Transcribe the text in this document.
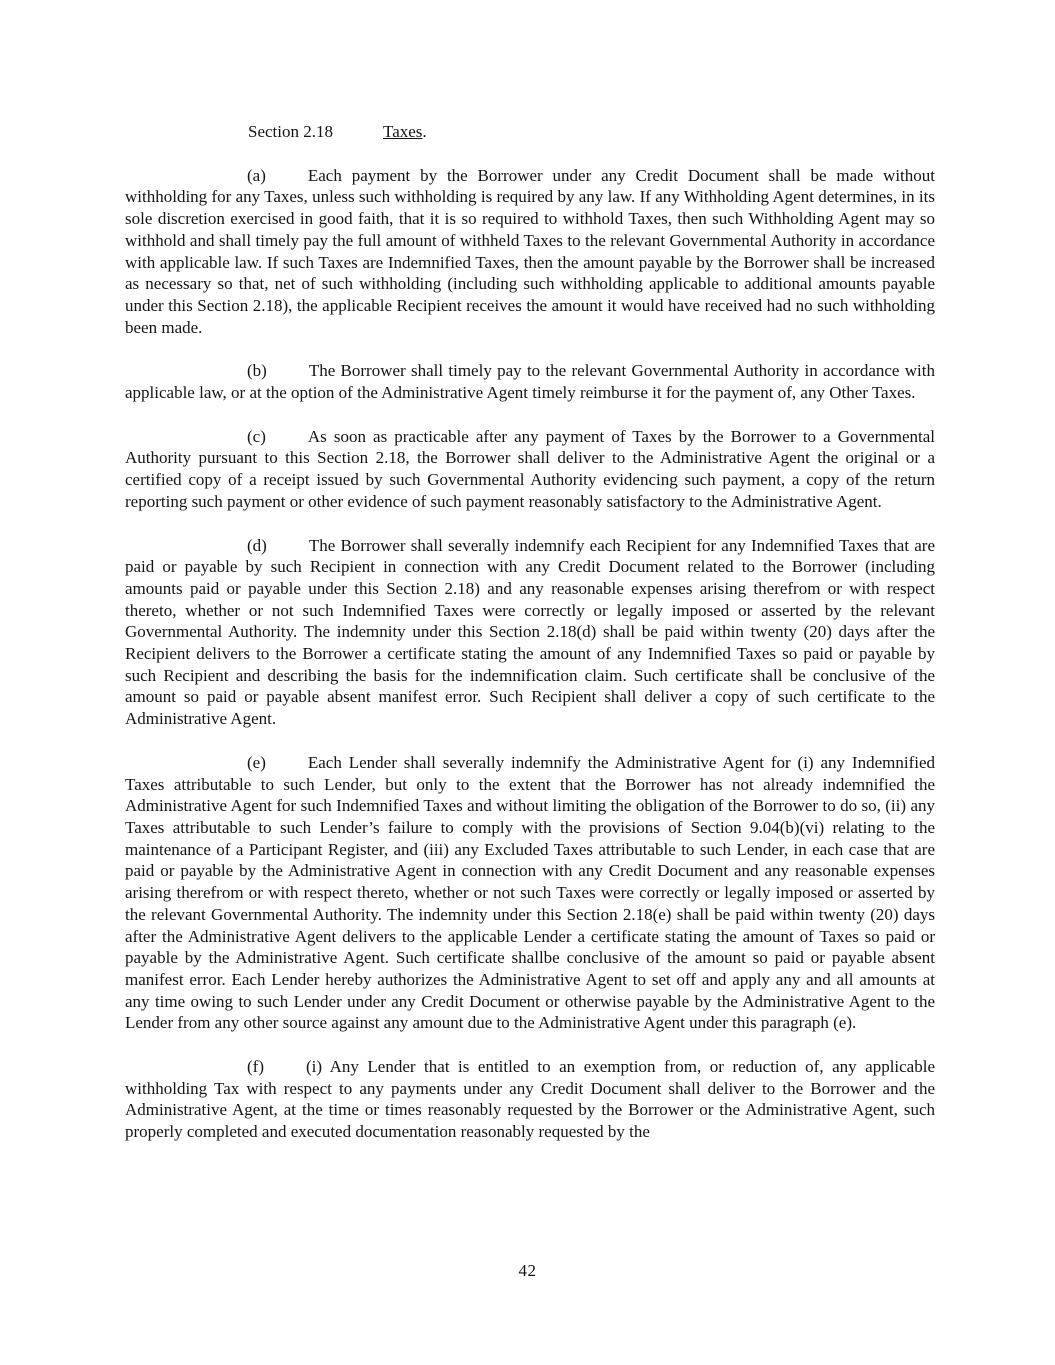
Section 2.18	Taxes.

(a) Each payment by the Borrower under any Credit Document shall be made without withholding for any Taxes, unless such withholding is required by any law. If any Withholding Agent determines, in its sole discretion exercised in good faith, that it is so required to withhold Taxes, then such Withholding Agent may so withhold and shall timely pay the full amount of withheld Taxes to the relevant Governmental Authority in accordance with applicable law. If such Taxes are Indemnified Taxes, then the amount payable by the Borrower shall be increased as necessary so that, net of such withholding (including such withholding applicable to additional amounts payable under this Section 2.18), the applicable Recipient receives the amount it would have received had no such withholding been made.

(b) The Borrower shall timely pay to the relevant Governmental Authority in accordance with applicable law, or at the option of the Administrative Agent timely reimburse it for the payment of, any Other Taxes.

(c) As soon as practicable after any payment of Taxes by the Borrower to a Governmental Authority pursuant to this Section 2.18, the Borrower shall deliver to the Administrative Agent the original or a certified copy of a receipt issued by such Governmental Authority evidencing such payment, a copy of the return reporting such payment or other evidence of such payment reasonably satisfactory to the Administrative Agent.

(d) The Borrower shall severally indemnify each Recipient for any Indemnified Taxes that are paid or payable by such Recipient in connection with any Credit Document related to the Borrower (including amounts paid or payable under this Section 2.18) and any reasonable expenses arising therefrom or with respect thereto, whether or not such Indemnified Taxes were correctly or legally imposed or asserted by the relevant Governmental Authority. The indemnity under this Section 2.18(d) shall be paid within twenty (20) days after the Recipient delivers to the Borrower a certificate stating the amount of any Indemnified Taxes so paid or payable by such Recipient and describing the basis for the indemnification claim. Such certificate shall be conclusive of the amount so paid or payable absent manifest error. Such Recipient shall deliver a copy of such certificate to the Administrative Agent.

(e) Each Lender shall severally indemnify the Administrative Agent for (i) any Indemnified Taxes attributable to such Lender, but only to the extent that the Borrower has not already indemnified the Administrative Agent for such Indemnified Taxes and without limiting the obligation of the Borrower to do so, (ii) any Taxes attributable to such Lender’s failure to comply with the provisions of Section 9.04(b)(vi) relating to the maintenance of a Participant Register, and (iii) any Excluded Taxes attributable to such Lender, in each case that are paid or payable by the Administrative Agent in connection with any Credit Document and any reasonable expenses arising therefrom or with respect thereto, whether or not such Taxes were correctly or legally imposed or asserted by the relevant Governmental Authority. The indemnity under this Section 2.18(e) shall be paid within twenty (20) days after the Administrative Agent delivers to the applicable Lender a certificate stating the amount of Taxes so paid or payable by the Administrative Agent. Such certificate shallbe conclusive of the amount so paid or payable absent manifest error. Each Lender hereby authorizes the Administrative Agent to set off and apply any and all amounts at any time owing to such Lender under any Credit Document or otherwise payable by the Administrative Agent to the Lender from any other source against any amount due to the Administrative Agent under this paragraph (e).

(f) (i) Any Lender that is entitled to an exemption from, or reduction of, any applicable withholding Tax with respect to any payments under any Credit Document shall deliver to the Borrower and the Administrative Agent, at the time or times reasonably requested by the Borrower or the Administrative Agent, such properly completed and executed documentation reasonably requested by the

42
